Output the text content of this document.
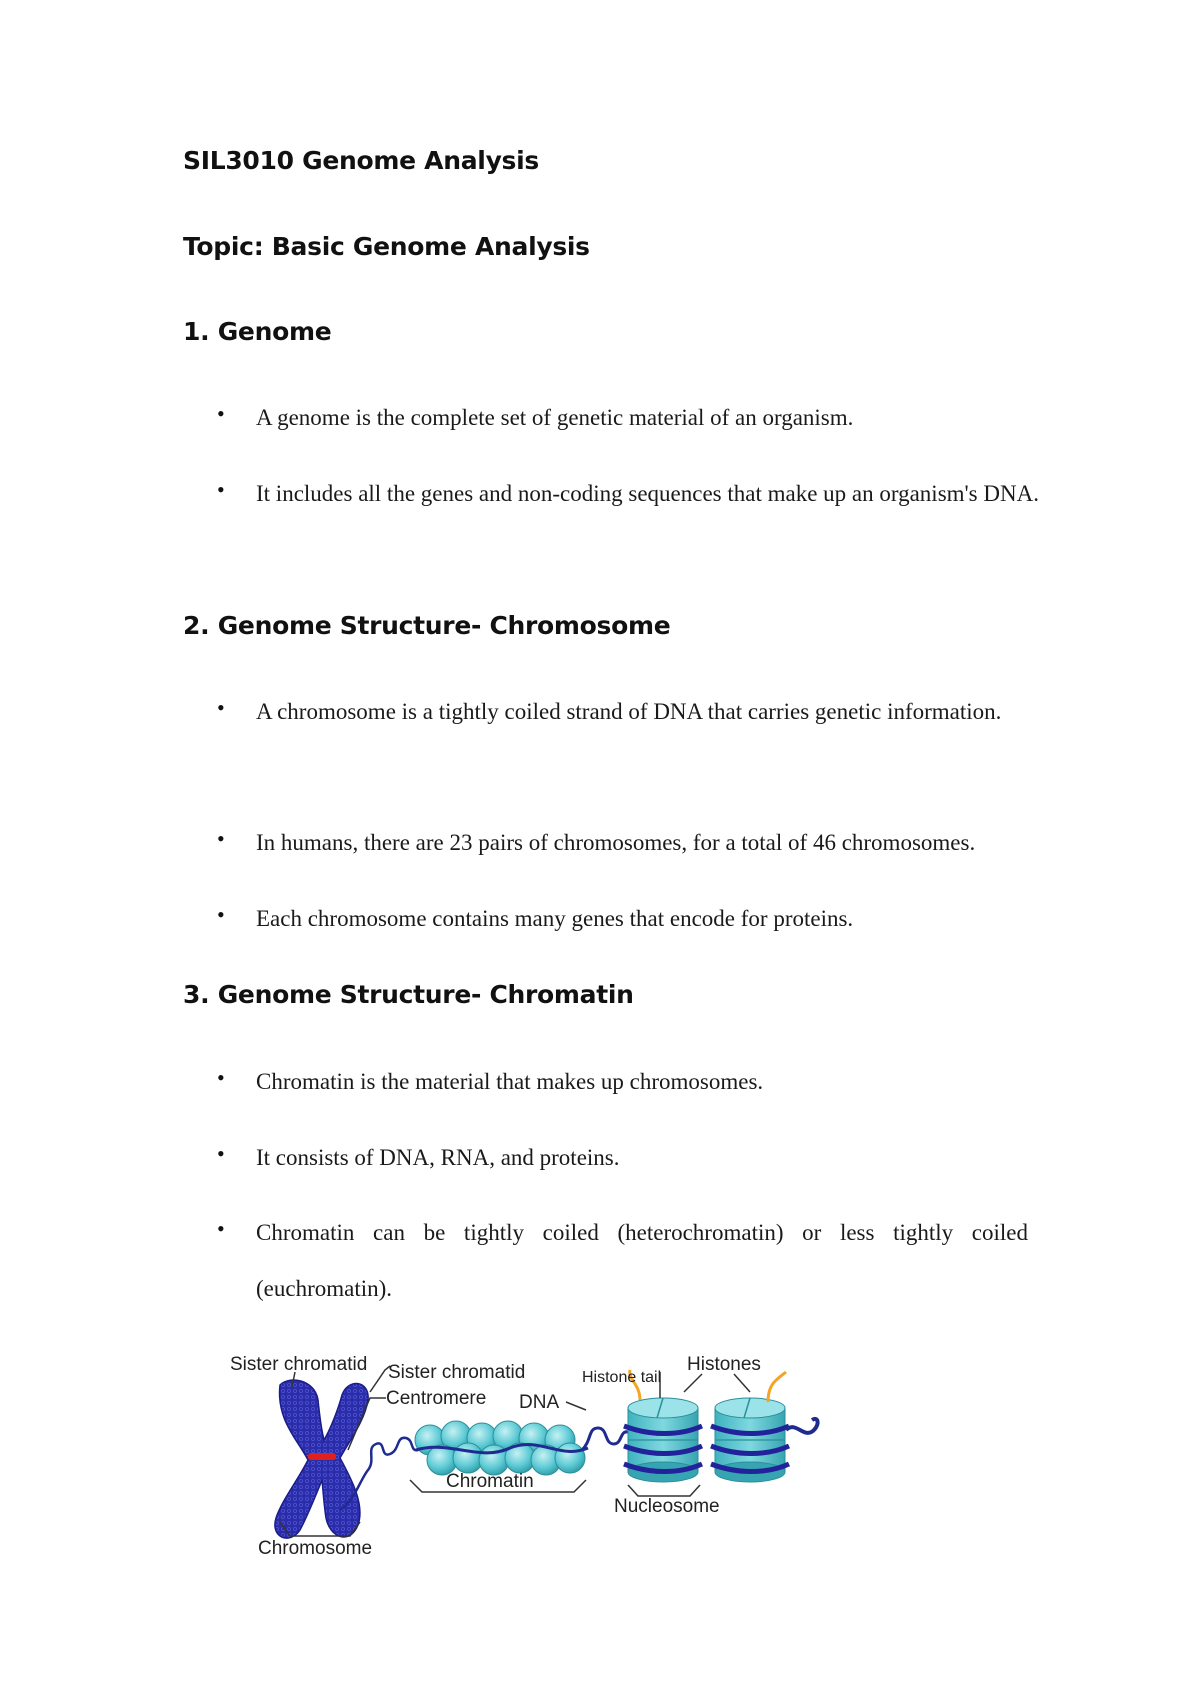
SIL3010 Genome Analysis
Topic: Basic Genome Analysis
1. Genome
• A genome is the complete set of genetic material of an organism.
• It includes all the genes and non-coding sequences that make up an organism's DNA.
2. Genome Structure- Chromosome
• A chromosome is a tightly coiled strand of DNA that carries genetic information.
• In humans, there are 23 pairs of chromosomes, for a total of 46 chromosomes.
• Each chromosome contains many genes that encode for proteins.
3. Genome Structure- Chromatin
• Chromatin is the material that makes up chromosomes.
• It consists of DNA, RNA, and proteins.
• Chromatin can be tightly coiled (heterochromatin) or less tightly coiled (euchromatin).
Sister chromatid Sister chromatid
Centromere DNA
Histone tail
Histones
Chromatin
Nucleosome
Chromosome
